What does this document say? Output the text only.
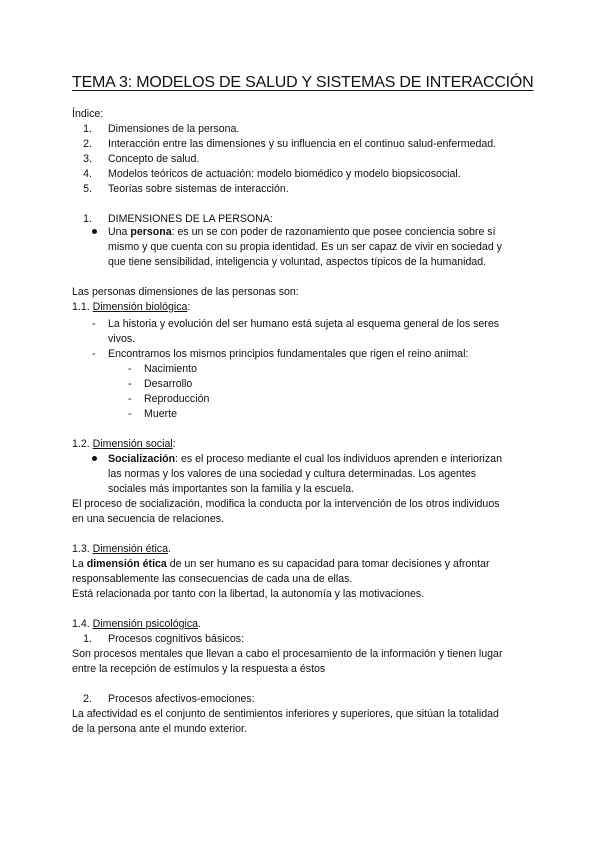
TEMA 3: MODELOS DE SALUD Y SISTEMAS DE INTERACCIÓN
Índice:
1. Dimensiones de la persona.
2. Interacción entre las dimensiones y su influencia en el continuo salud-enfermedad.
3. Concepto de salud.
4. Modelos teóricos de actuación: modelo biomédico y modelo biopsicosocial.
5. Teorías sobre sistemas de interacción.
1. DIMENSIONES DE LA PERSONA:
Una persona: es un se con poder de razonamiento que posee conciencia sobre sí
mismo y que cuenta con su propia identidad. Es un ser capaz de vivir en sociedad y
que tiene sensibilidad, inteligencia y voluntad, aspectos típicos de la humanidad.
Las personas dimensiones de las personas son:
1.1. Dimensión biológica:
- La historia y evolución del ser humano está sujeta al esquema general de los seres
vivos.
- Encontramos los mismos principios fundamentales que rigen el reino animal:
- Nacimiento
- Desarrollo
- Reproducción
- Muerte
1.2. Dimensión social:
Socialización: es el proceso mediante el cual los individuos aprenden e interiorizan
las normas y los valores de una sociedad y cultura determinadas. Los agentes
sociales más importantes son la familia y la escuela.
El proceso de socialización, modifica la conducta por la intervención de los otros individuos
en una secuencia de relaciones.
1.3. Dimensión ética.
La dimensión ética de un ser humano es su capacidad para tomar decisiones y afrontar
responsablemente las consecuencias de cada una de ellas.
Está relacionada por tanto con la libertad, la autonomía y las motivaciones.
1.4. Dimensión psicológica.
1. Procesos cognitivos básicos:
Son procesos mentales que llevan a cabo el procesamiento de la información y tienen lugar
entre la recepción de estímulos y la respuesta a éstos
2. Procesos afectivos-emociones:
La afectividad es el conjunto de sentimientos inferiores y superiores, que sitúan la totalidad
de la persona ante el mundo exterior.
